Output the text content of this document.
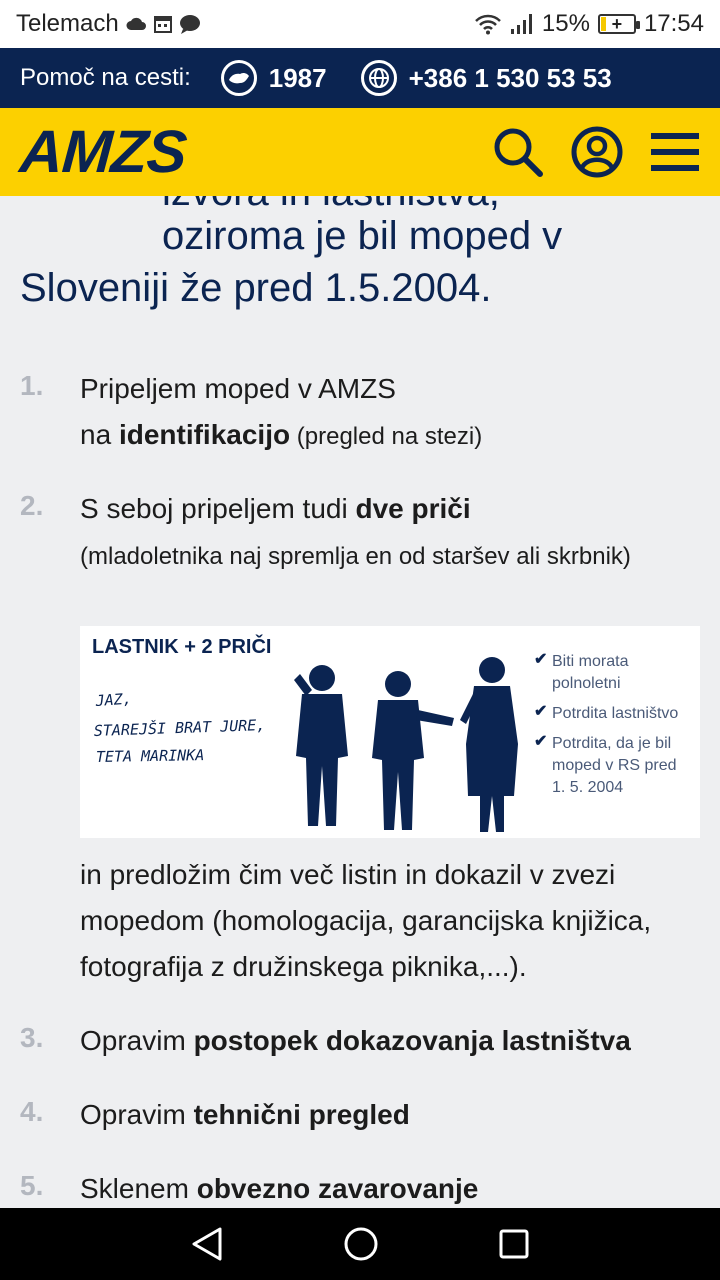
Telemach	15% + 17:54
Pomoč na cesti:	1987	+386 1 530 53 53
AMZS
oziroma je bil moped v
Sloveniji že pred 1.5.2004.
1. Pripeljem moped v AMZS
na identifikacijo (pregled na stezi)
2. S seboj pripeljem tudi dve priči
(mladoletnika naj spremlja en od staršev ali skrbnik)
LASTNIK + 2 PRIČI
JAZ,
STAREJŠI BRAT JURE,
TETA MARINKA
✔ Biti morata
polnoletni
✔ Potrdita lastništvo
✔ Potrdita, da je bil
moped v RS pred
1. 5. 2004
in predložim čim več listin in dokazil v zvezi mopedom (homologacija, garancijska knjižica, fotografija z družinskega piknika,...).
3. Opravim postopek dokazovanja lastništva
4. Opravim tehnični pregled
5. Sklenem obvezno zavarovanje
